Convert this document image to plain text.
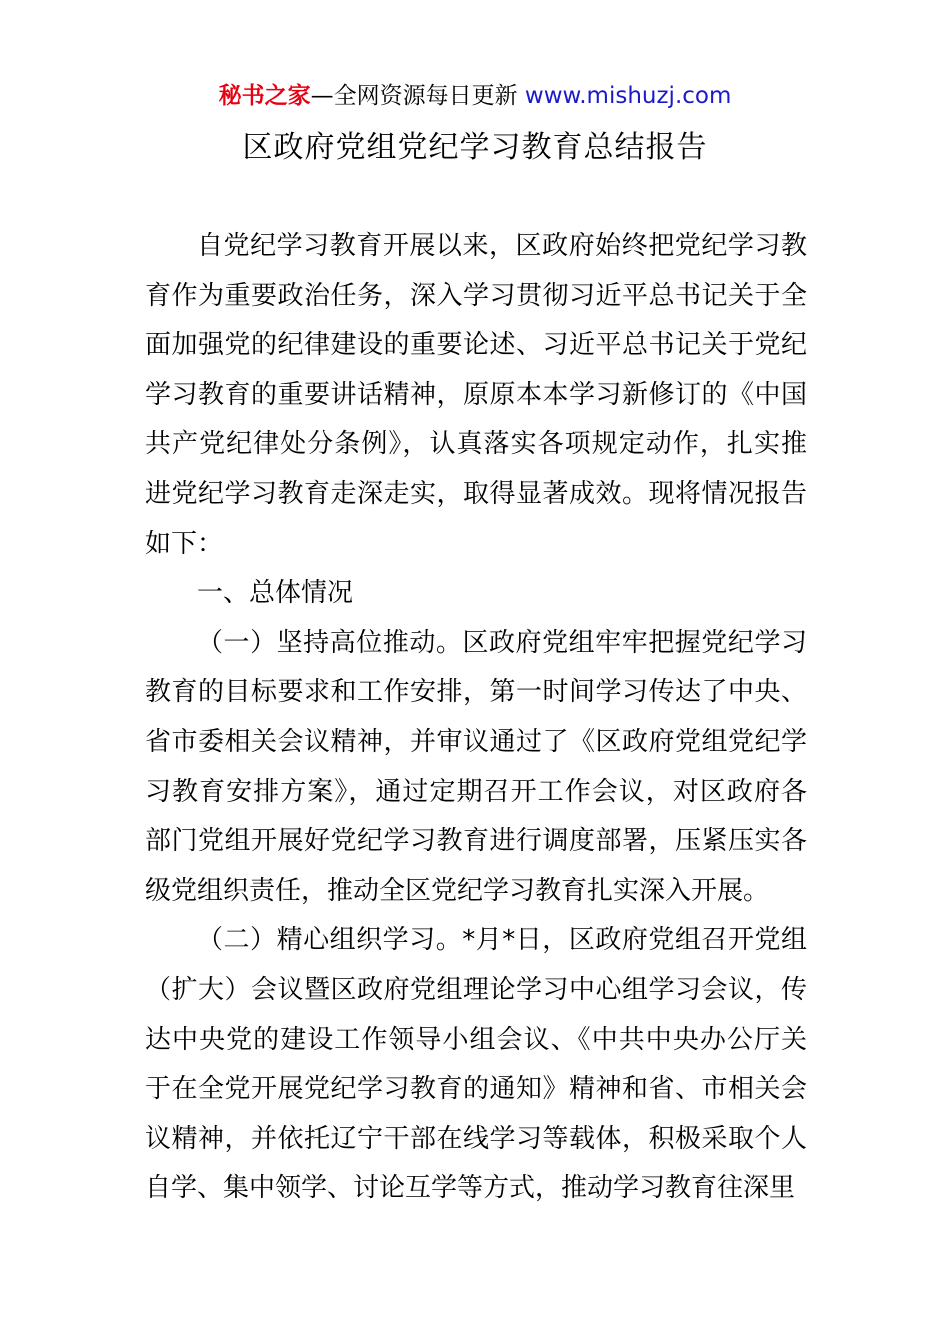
秘书之家—全网资源每日更新 www.mishuzj.com
区政府党组党纪学习教育总结报告

自党纪学习教育开展以来，区政府始终把党纪学习教育作为重要政治任务，深入学习贯彻习近平总书记关于全面加强党的纪律建设的重要论述、习近平总书记关于党纪学习教育的重要讲话精神，原原本本学习新修订的《中国共产党纪律处分条例》，认真落实各项规定动作，扎实推进党纪学习教育走深走实，取得显著成效。现将情况报告如下：

一、总体情况

（一）坚持高位推动。区政府党组牢牢把握党纪学习教育的目标要求和工作安排，第一时间学习传达了中央、省市委相关会议精神，并审议通过了《区政府党组党纪学习教育安排方案》，通过定期召开工作会议，对区政府各部门党组开展好党纪学习教育进行调度部署，压紧压实各级党组织责任，推动全区党纪学习教育扎实深入开展。

（二）精心组织学习。*月*日，区政府党组召开党组（扩大）会议暨区政府党组理论学习中心组学习会议，传达中央党的建设工作领导小组会议、《中共中央办公厅关于在全党开展党纪学习教育的通知》精神和省、市相关会议精神，并依托辽宁干部在线学习等载体，积极采取个人自学、集中领学、讨论互学等方式，推动学习教育往深里
